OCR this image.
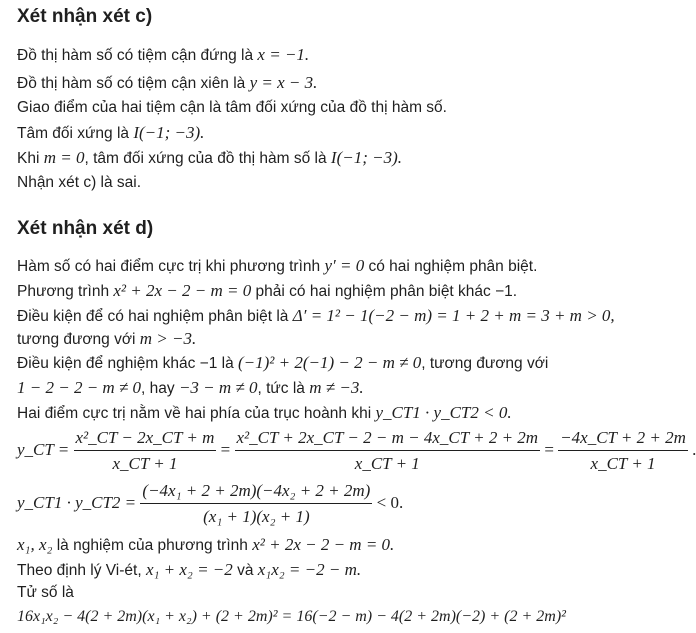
Xét nhận xét c)
Đồ thị hàm số có tiệm cận đứng là x = −1.
Đồ thị hàm số có tiệm cận xiên là y = x − 3.
Giao điểm của hai tiệm cận là tâm đối xứng của đồ thị hàm số.
Tâm đối xứng là I(−1; −3).
Khi m = 0, tâm đối xứng của đồ thị hàm số là I(−1; −3).
Nhận xét c) là sai.
Xét nhận xét d)
Hàm số có hai điểm cực trị khi phương trình y′ = 0 có hai nghiệm phân biệt.
Phương trình x² + 2x − 2 − m = 0 phải có hai nghiệm phân biệt khác −1.
Điều kiện để có hai nghiệm phân biệt là Δ′ = 1² − 1(−2 − m) = 1 + 2 + m = 3 + m > 0,
tương đương với m > −3.
Điều kiện để nghiệm khác −1 là (−1)² + 2(−1) − 2 − m ≠ 0, tương đương với
1 − 2 − 2 − m ≠ 0, hay −3 − m ≠ 0, tức là m ≠ −3.
Hai điểm cực trị nằm về hai phía của trục hoành khi y_CT1 · y_CT2 < 0.
y_CT = $\frac{\text{x²\_CT − 2x\_CT + m}}{x\_CT + 1} = \frac{\text{x²\_CT + 2x\_CT − 2 − m − 4x\_CT + 2 + 2m}}{x\_CT + 1} = \frac{-4x\_CT + 2 + 2m}{x\_CT + 1}$ .
y_CT1 · y_CT2 = $\frac{\text{(−4x₁ + 2 + 2m)(−4x₂ + 2 + 2m)}}{\text{(x₁ + 1)(x₂ + 1)}} < 0$.
x₁, x₂ là nghiệm của phương trình x² + 2x − 2 − m = 0.
Theo định lý Vi-ét, x₁ + x₂ = −2 và x₁x₂ = −2 − m.
Tử số là
16x₁x₂ − 4(2 + 2m)(x₁ + x₂) + (2 + 2m)² = 16(−2 − m) − 4(2 + 2m)(−2) + (2 + 2m)²
